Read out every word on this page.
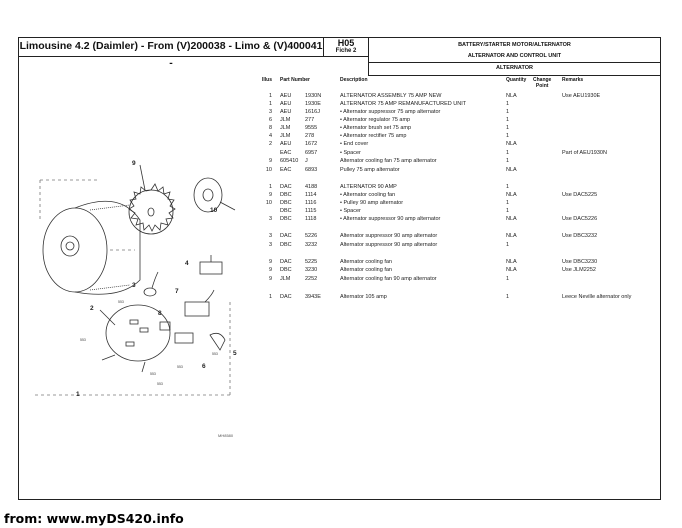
Limousine 4.2 (Daimler) - From (V)200038 - Limo & (V)400041 -
H05
Fiche 2
BATTERY/STARTER MOTOR/ALTERNATOR
ALTERNATOR AND CONTROL UNIT
ALTERNATOR
Illus Part Number	Description	Quantity Change
Point
Remarks
1 AEU 1930N	ALTERNATOR ASSEMBLY 75 AMP NEW	NLA	Use AEU1930E
1 AEU 1930E	ALTERNATOR 75 AMP REMANUFACTURED UNIT	1
3 AEU 1616J	• Alternator suppressor 75 amp alternator	1
6 JLM	277	• Alternator regulator 75 amp	1
8 JLM	9555	• Alternator brush set 75 amp	1
4 JLM	278	• Alternator rectifier 75 amp	1
2 AEU 1672	• End cover	NLA
EAC 6957	• Spacer	1	Part of AEU1930N
9 605410 J	Alternator cooling fan 75 amp alternator	1
10 EAC 6893	Pulley 75 amp alternator	NLA
1 DAC 4188	ALTERNATOR 90 AMP	1
9 DBC 1114	• Alternator cooling fan	NLA	Use DAC5225
10 DBC 1116	• Pulley 90 amp alternator	1
DBC 1115	• Spacer	1
3 DBC 1118	• Alternator suppressor 90 amp alternator	NLA	Use DAC5226
3 DAC 5226	Alternator suppressor 90 amp alternator	NLA	Use DBC3232
3 DBC 3232	Alternator suppressor 90 amp alternator	1
9 DAC 5225	Alternator cooling fan	NLA	Use DBC3230
9 DBC 3230	Alternator cooling fan	NLA	Use JLM2252
9 JLM	2252	Alternator cooling fan 90 amp alternator	1
1 DAC 3943E	Alternator 105 amp	1	Leece Neville alternator only
9
10
4
3
7
2
8
5
6
1
553
553
553
553
553
553
MH8580
from: www.myDS420.info
